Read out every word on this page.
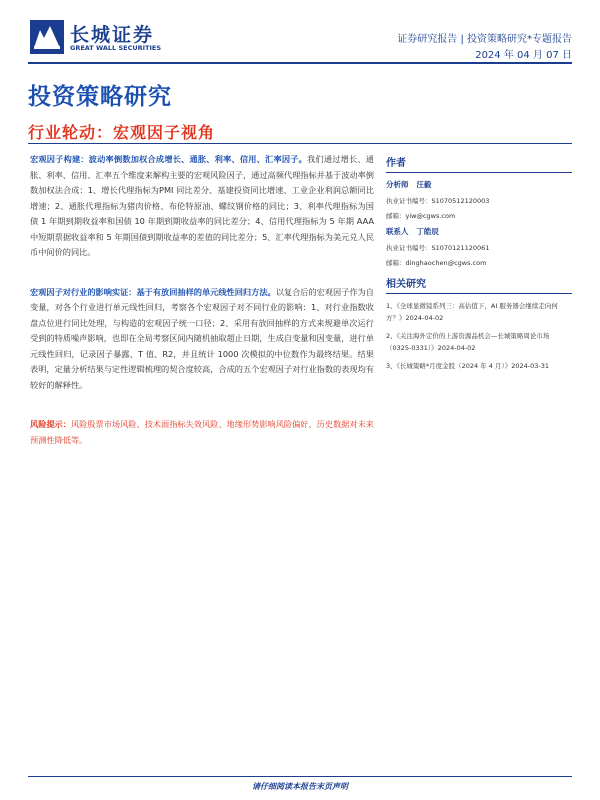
长城证券
GREAT WALL SECURITIES
证券研究报告 | 投资策略研究*专题报告
2024 年 04 月 07 日
投资策略研究
行业轮动：宏观因子视角

宏观因子构建：波动率倒数加权合成增长、通胀、利率、信用、汇率因子。我们通过增长、通胀、利率、信用、汇率五个维度来解构主要的宏观风险因子，通过高频代理指标并基于波动率倒数加权法合成：1、增长代理指标为PMI 同比差分、基建投资同比增速、工业企业利润总额同比增速；2、通胀代理指标为猪肉价格、布伦特原油、螺纹钢价格的同比；3、利率代理指标为国债 1 年期到期收益率和国债 10 年期到期收益率的同比差分；4、信用代理指标为 5 年期 AAA 中短期票据收益率和 5 年期国债到期收益率的差值的同比差分；5、汇率代理指标为美元兑人民币中间价的同比。

宏观因子对行业的影响实证：基于有放回抽样的单元线性回归方法。以复合后的宏观因子作为自变量，对各个行业进行单元线性回归，考察各个宏观因子对不同行业的影响：1、对行业指数收盘点位进行同比处理，与构造的宏观因子统一口径；2、采用有放回抽样的方式来规避单次运行受到的特质噪声影响，也即在全局考察区间内随机抽取超止日期，生成自变量和因变量，进行单元线性回归，记录因子暴露、T 值、R2，并且统计 1000 次模拟的中位数作为最终结果。结果表明，定量分析结果与定性逻辑梳理的契合度较高，合成的五个宏观因子对行业指数的表现均有较好的解释性。

风险提示：风险股票市场风险、技术面指标失效风险、地缘形势影响风险偏好、历史数据对未来预测性降低等。

作者
分析师 汪毅
执业证书编号：S1070512120003
邮箱：yiw@cgws.com
联系人 丁皓辰
执业证书编号：S1070121120061
邮箱：dinghaochen@cgws.com
相关研究
1、《全球显微镜系列三：高估值下，AI 服务器会继续走向何方？》2024-04-02
2、《关注海外定价的上游资源品机会—长城策略周论市场（0325-0331）》2024-04-02
3、《长城策略*月度金股（2024 年 4 月）》2024-03-31
请仔细阅读本报告末页声明
